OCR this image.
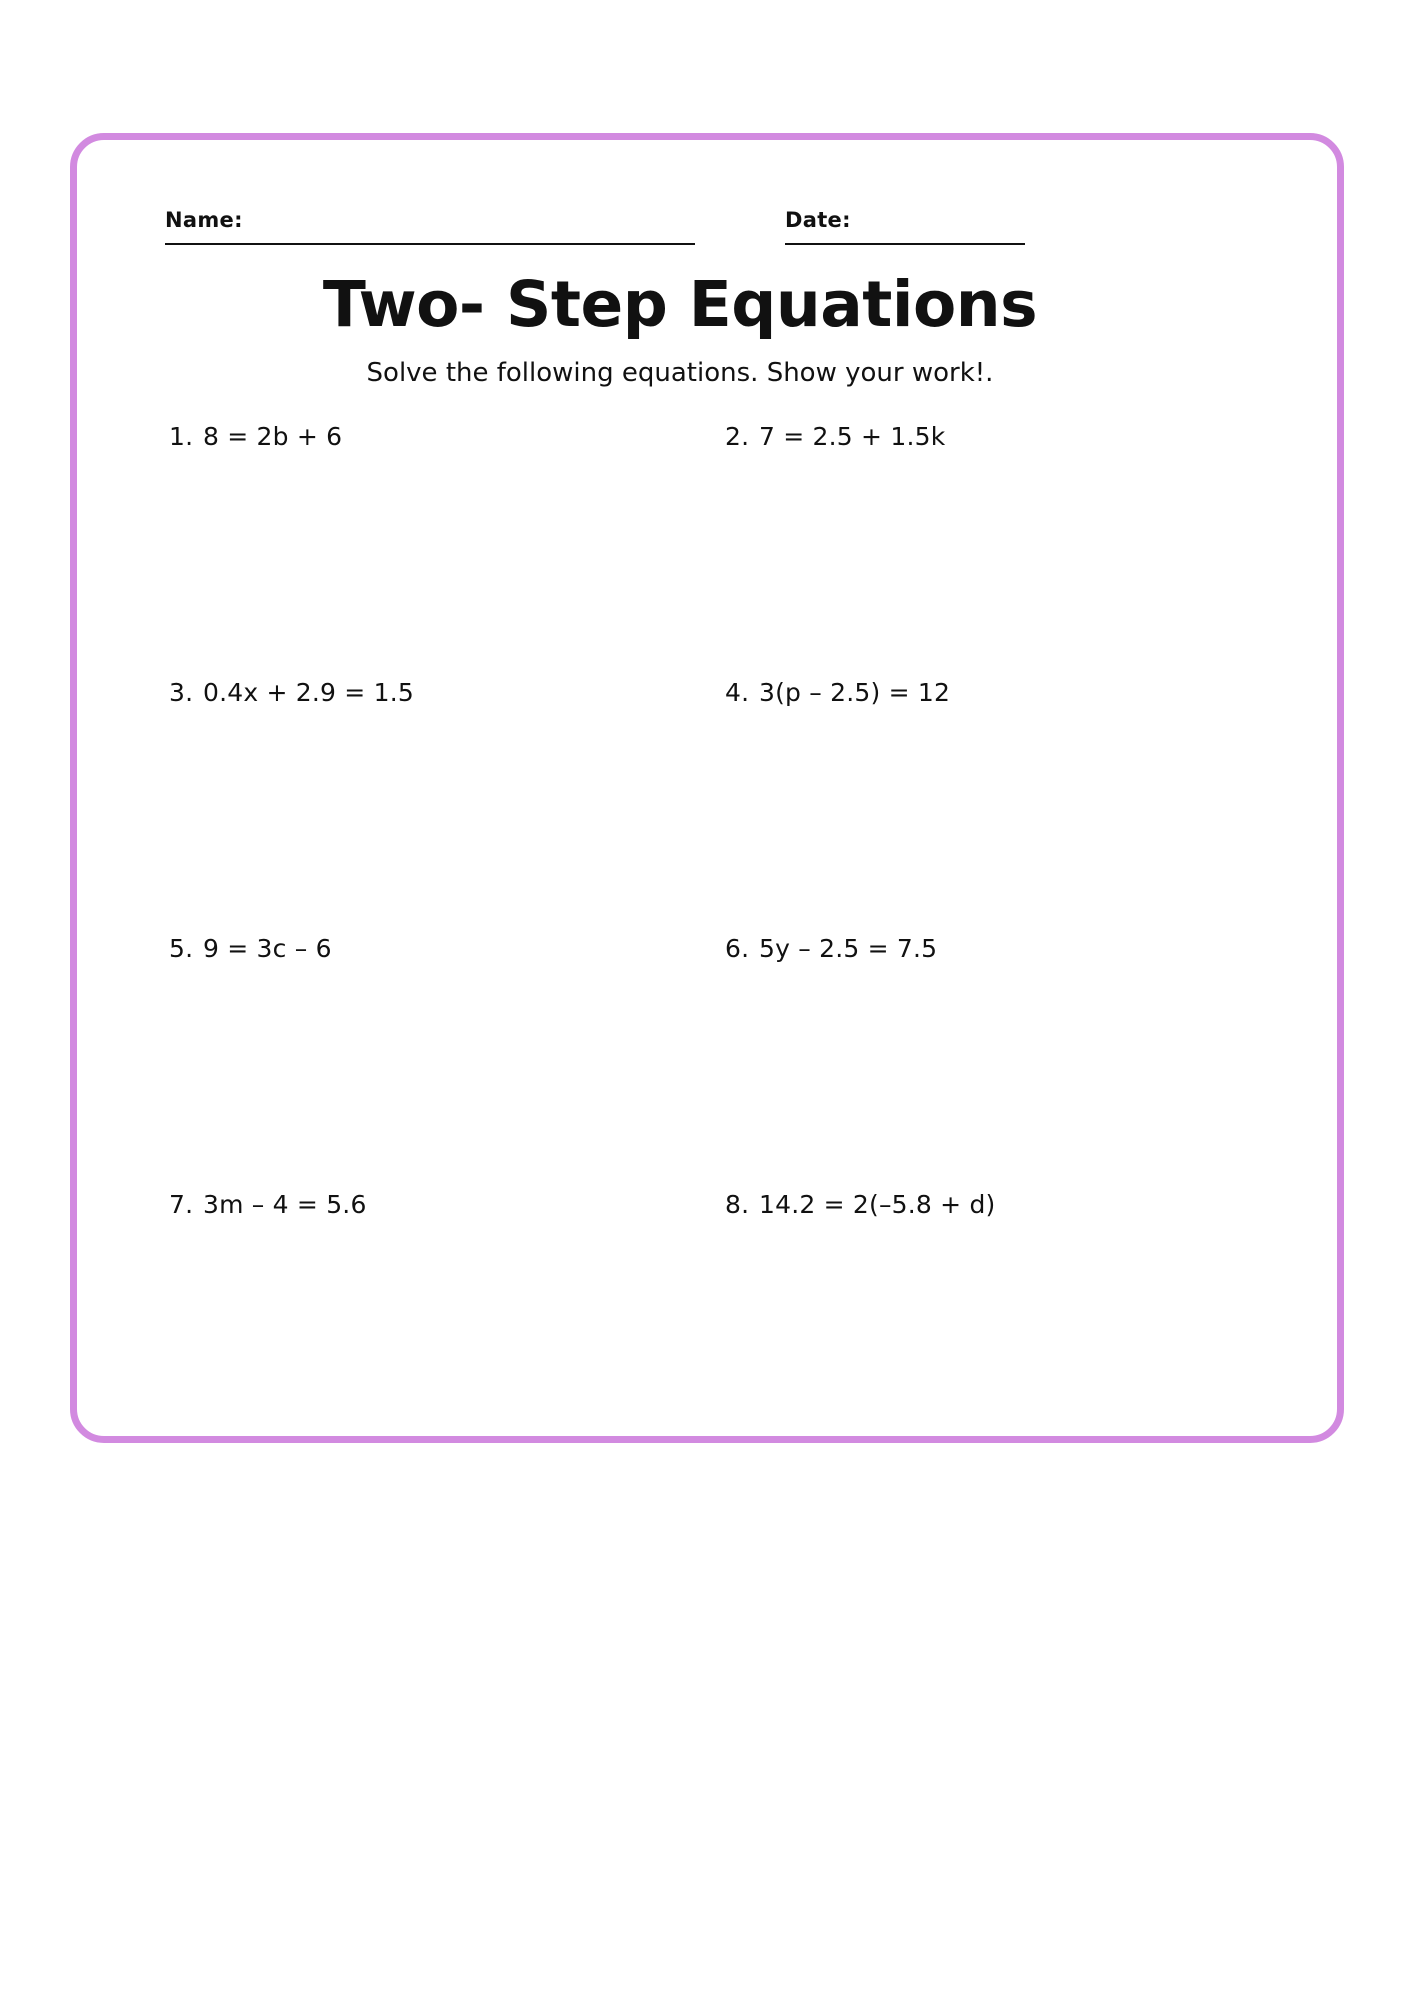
Name:	Date:
Two- Step Equations
Solve the following equations. Show your work!.
1. 8 = 2b + 6	2. 7 = 2.5 + 1.5k
3. 0.4x + 2.9 = 1.5	4. 3(p – 2.5) = 12
5. 9 = 3c – 6	6. 5y – 2.5 = 7.5
7. 3m – 4 = 5.6	8. 14.2 = 2(–5.8 + d)
